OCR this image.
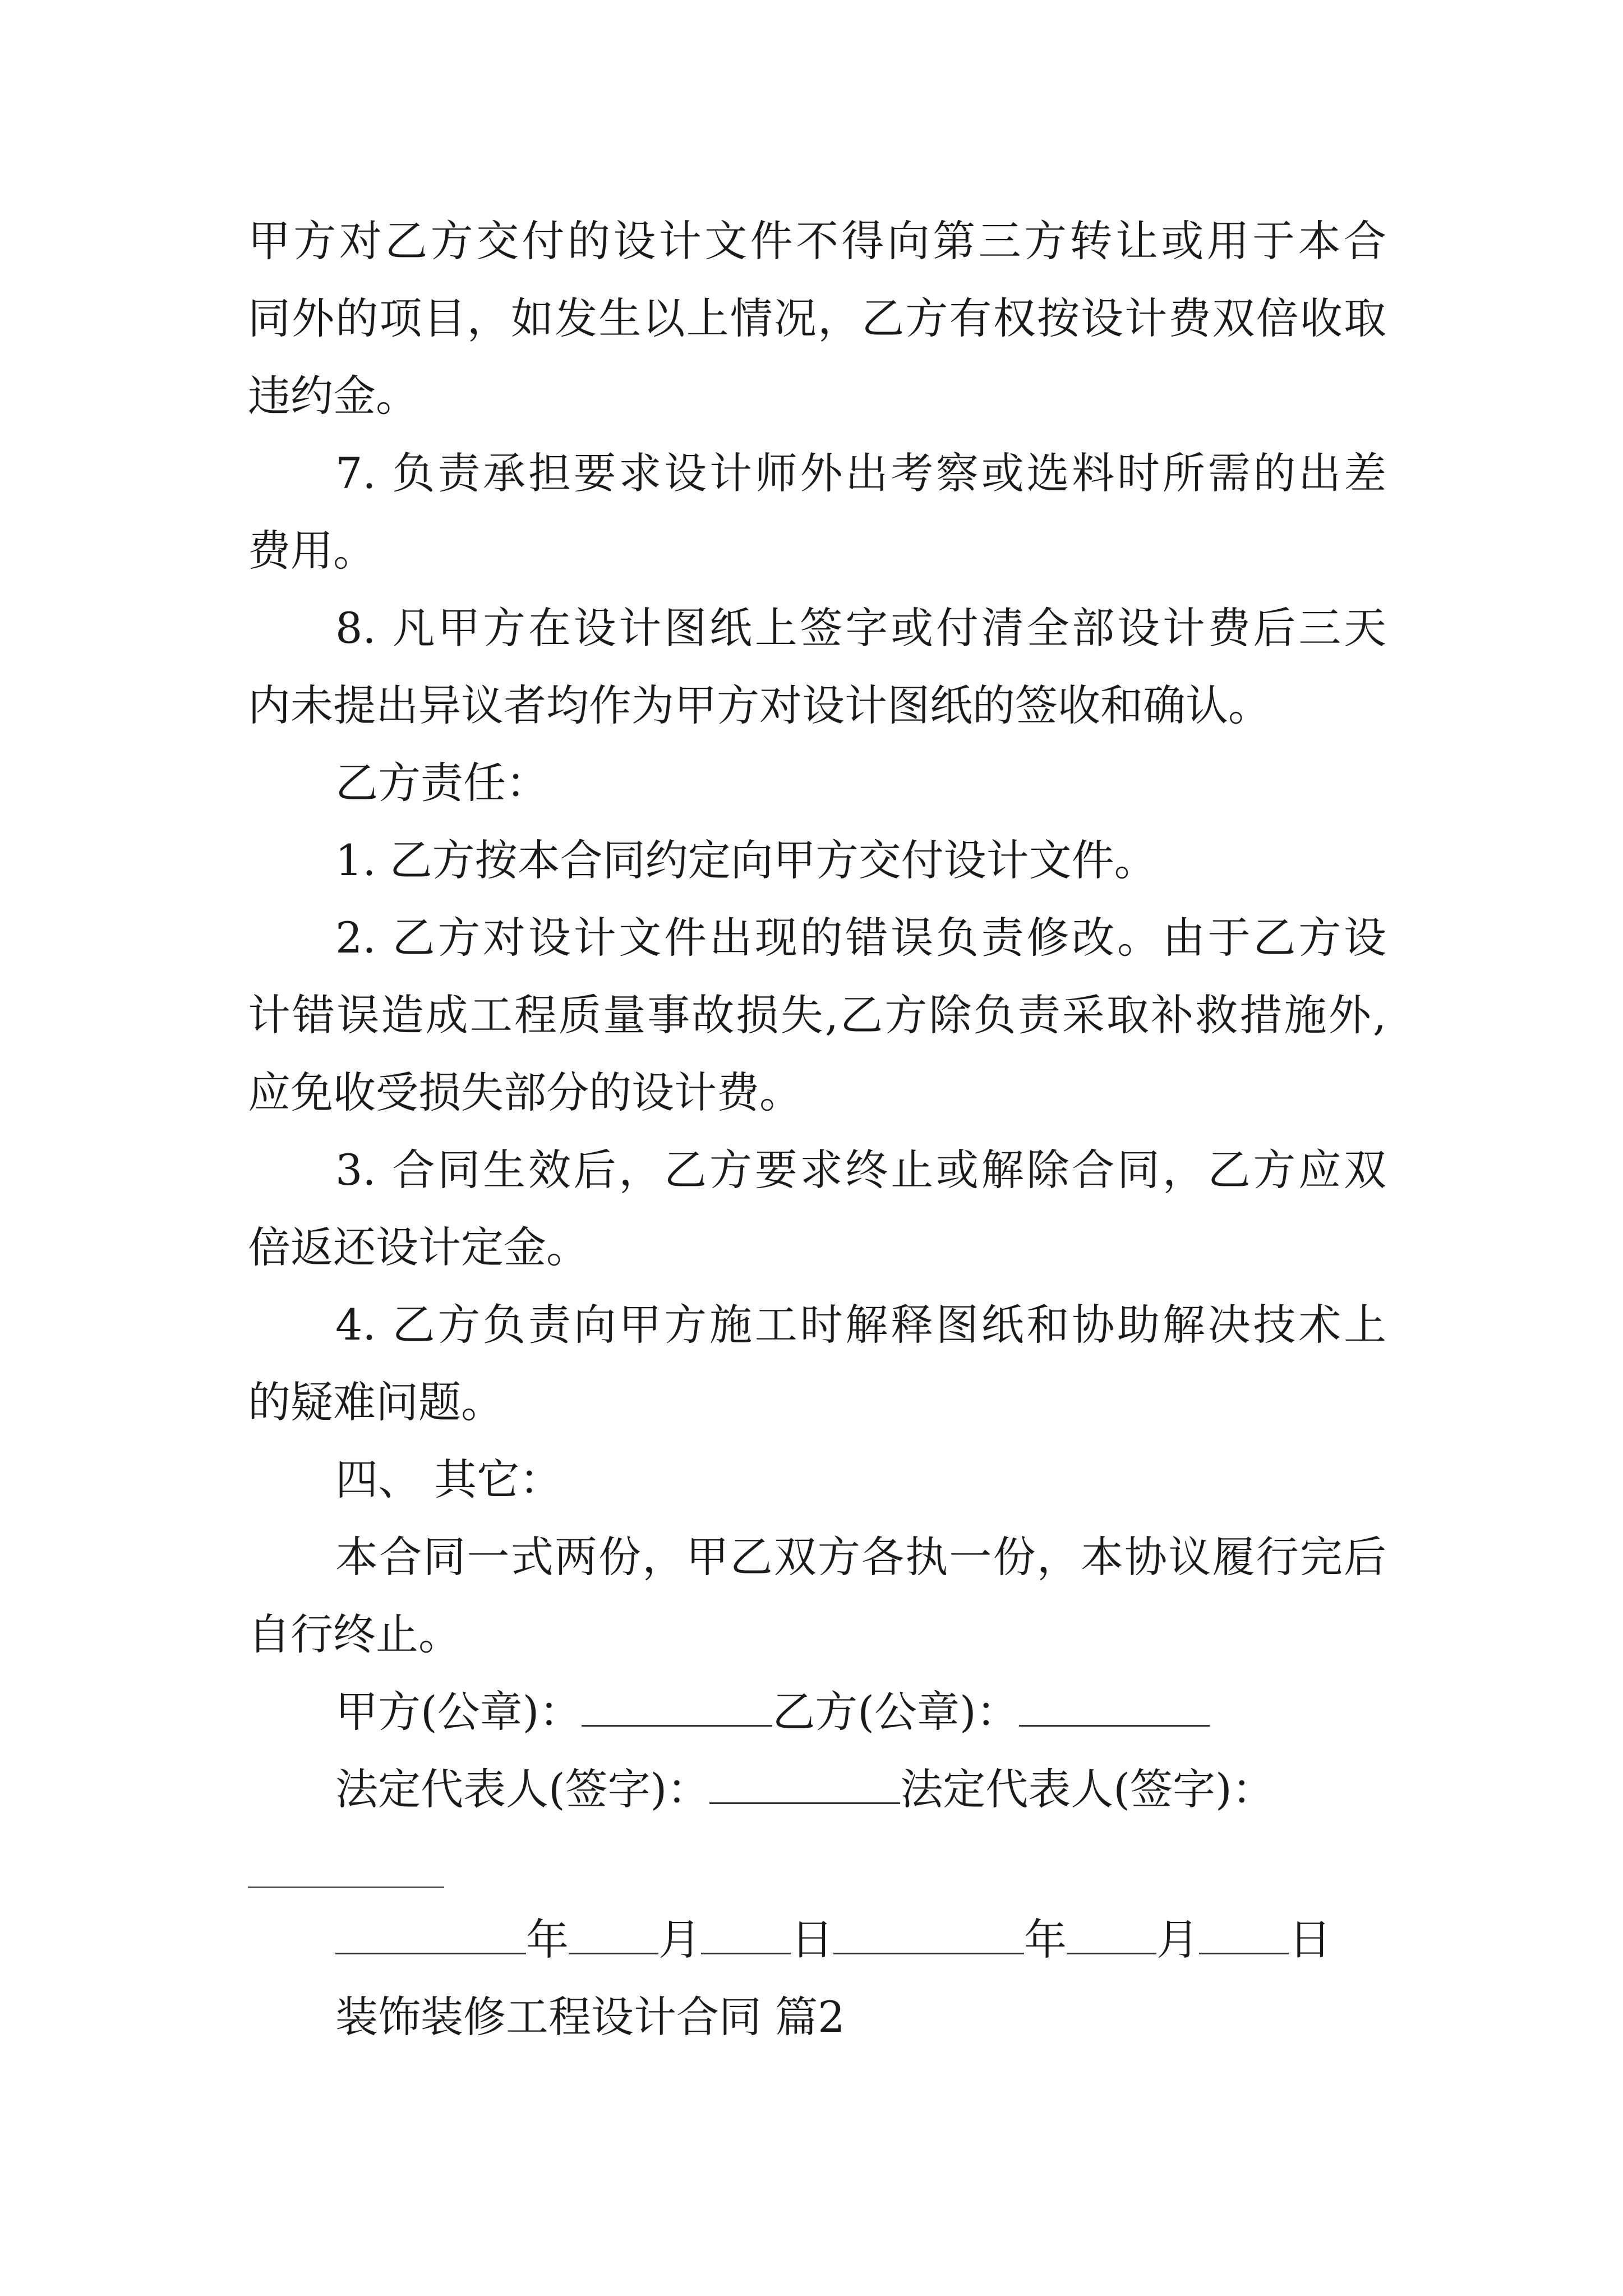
甲方对乙方交付的设计文件不得向第三方转让或用于本合

同外的项目，如发生以上情况，乙方有权按设计费双倍收取

违约金。

7. 负责承担要求设计师外出考察或选料时所需的出差

费用。

8. 凡甲方在设计图纸上签字或付清全部设计费后三天

内未提出异议者均作为甲方对设计图纸的签收和确认。

乙方责任：

1. 乙方按本合同约定向甲方交付设计文件。

2. 乙方对设计文件出现的错误负责修改。由于乙方设

计错误造成工程质量事故损失,乙方除负责采取补救措施外,

应免收受损失部分的设计费。

3. 合同生效后，乙方要求终止或解除合同，乙方应双

倍返还设计定金。

4. 乙方负责向甲方施工时解释图纸和协助解决技术上

的疑难问题。

四、 其它：

本合同一式两份，甲乙双方各执一份，本协议履行完后

自行终止。

甲方(公章)：	乙方(公章)：
法定代表人(签字)：	法定代表人(签字)：
年 月 日	年 月 日

装饰装修工程设计合同 篇2
